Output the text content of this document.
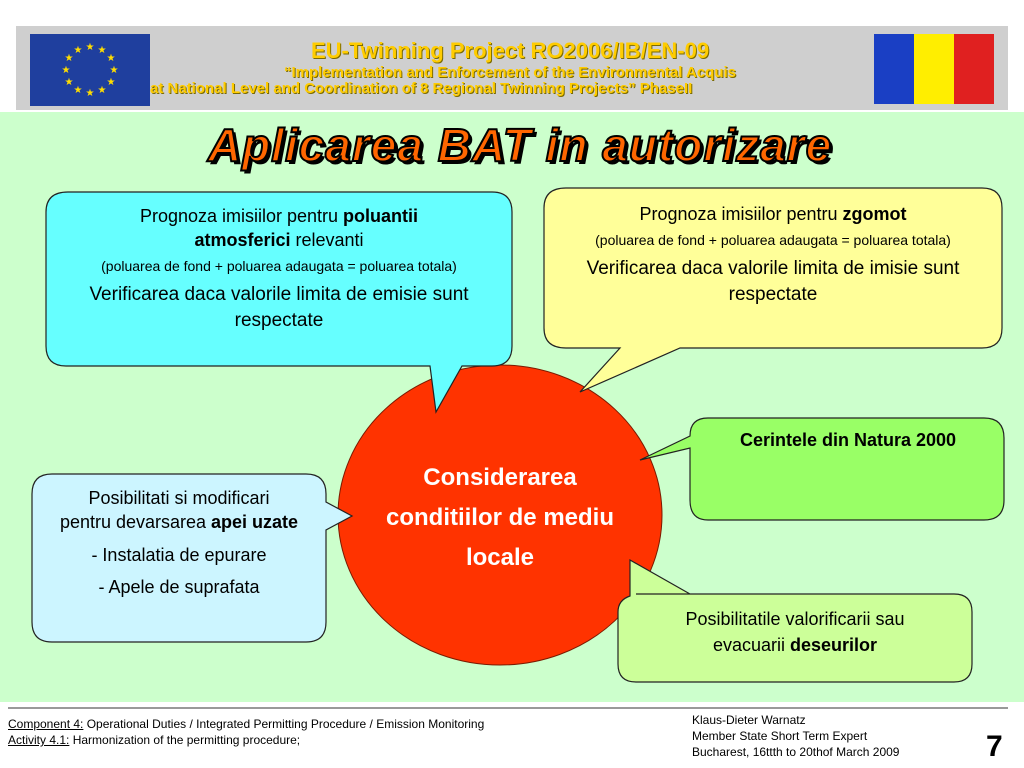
★ ★
★
★
★
★
★
★
★
★
★
★	EU-Twinning Project RO2006/IB/EN-09
“Implementation and Enforcement of the Environmental Acquis
at National Level and Coordination of 8 Regional Twinning Projects” PhaseII
Aplicarea BAT in autorizare
Prognoza imisiilor pentru poluantii
atmosferici relevanti
(poluarea de fond + poluarea adaugata = poluarea totala)
Verificarea daca valorile limita de emisie sunt respectate
Prognoza imisiilor pentru zgomot
(poluarea de fond + poluarea adaugata = poluarea totala)
Verificarea daca valorile limita de imisie sunt respectate
Posibilitati si modificari
pentru devarsarea apei uzate
- Instalatia de epurare
- Apele de suprafata
Cerintele din Natura 2000
Posibilitatile valorificarii sau
evacuarii deseurilor
Considerarea
conditiilor de mediu
locale
Component 4: Operational Duties / Integrated Permitting Procedure / Emission Monitoring
Activity 4.1: Harmonization of the permitting procedure;
Klaus-Dieter Warnatz
Member State Short Term Expert
Bucharest, 16ttth to 20thof March 2009	7
